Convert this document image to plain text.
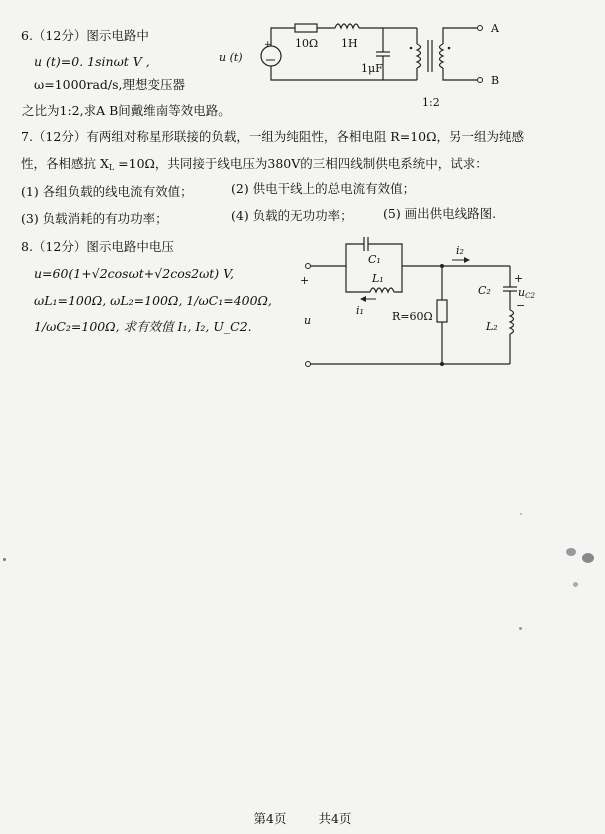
6.（12分）图示电路中
u (t)=0. 1sinωt V ,
ω=1000rad/s,理想变压器
之比为1:2,求A B间戴维南等效电路。
+
u (t)
10Ω 1H
1μF
A
B
1:2
7.（12分）有两组对称星形联接的负载，一组为纯阻性，各相电阻 R=10Ω，另一组为纯感
性，各相感抗 $X_L =10\Omega$，共同接于线电压为380V的三相四线制供电系统中，试求：
(1) 各组负载的线电流有效值；	(2) 供电干线上的总电流有效值；
(3) 负载消耗的有功功率；	(4) 负载的无功功率； (5) 画出供电线路图.
8.（12分）图示电路中电压
u=60(1+√2cosωt+√2cos2ωt) V,
ωL₁=100Ω, ωL₂=100Ω, 1/ωC₁=400Ω,
1/ωC₂=100Ω, 求有效值 I₁, I₂, U_C2.
+
u
C₁
L₁
i₁
i₂
R=60Ω
C₂
+
uC2
−
L₂
第4页	共4页
